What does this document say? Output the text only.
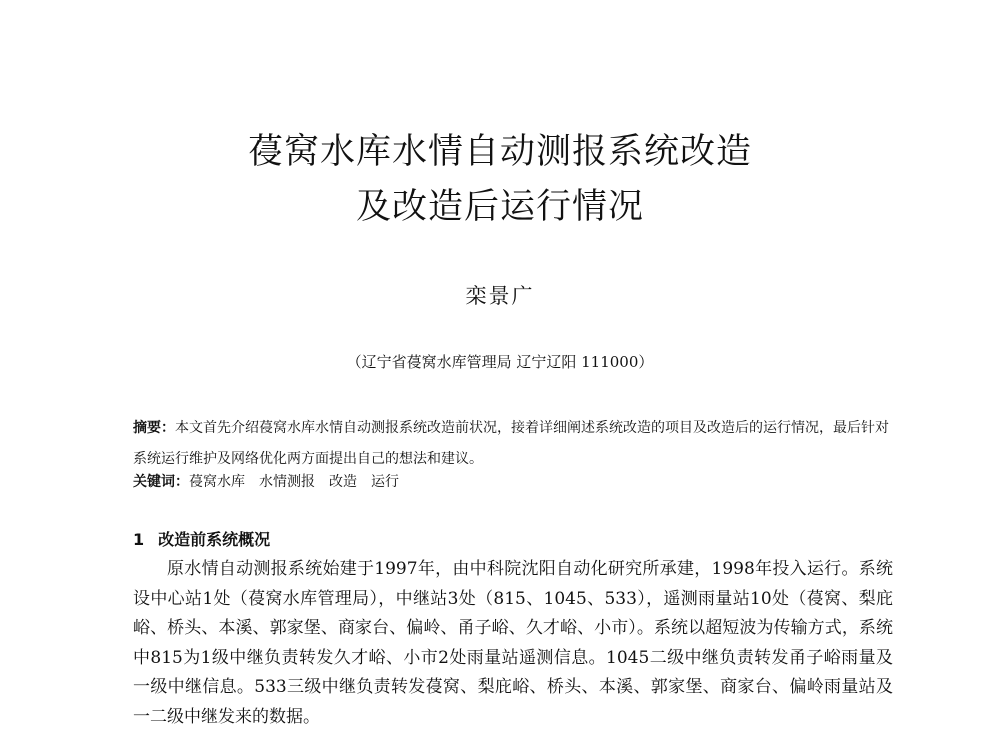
葠窝水库水情自动测报系统改造
及改造后运行情况
栾景广
（辽宁省葠窝水库管理局 辽宁辽阳 111000）

摘要：本文首先介绍葠窝水库水情自动测报系统改造前状况，接着详细阐述系统改造的项目及改造后的运行情况，最后针对系统运行维护及网络优化两方面提出自己的想法和建议。

关键词：葠窝水库 水情测报 改造 运行
1 改造前系统概况

原水情自动测报系统始建于1997年，由中科院沈阳自动化研究所承建，1998年投入运行。系统设中心站1处（葠窝水库管理局），中继站3处（815、1045、533），遥测雨量站10处（葠窝、梨庇峪、桥头、本溪、郭家堡、商家台、偏岭、甬子峪、久才峪、小市）。系统以超短波为传输方式，系统中815为1级中继负责转发久才峪、小市2处雨量站遥测信息。1045二级中继负责转发甬子峪雨量及一级中继信息。533三级中继负责转发葠窝、梨庇峪、桥头、本溪、郭家堡、商家台、偏岭雨量站及一二级中继发来的数据。
